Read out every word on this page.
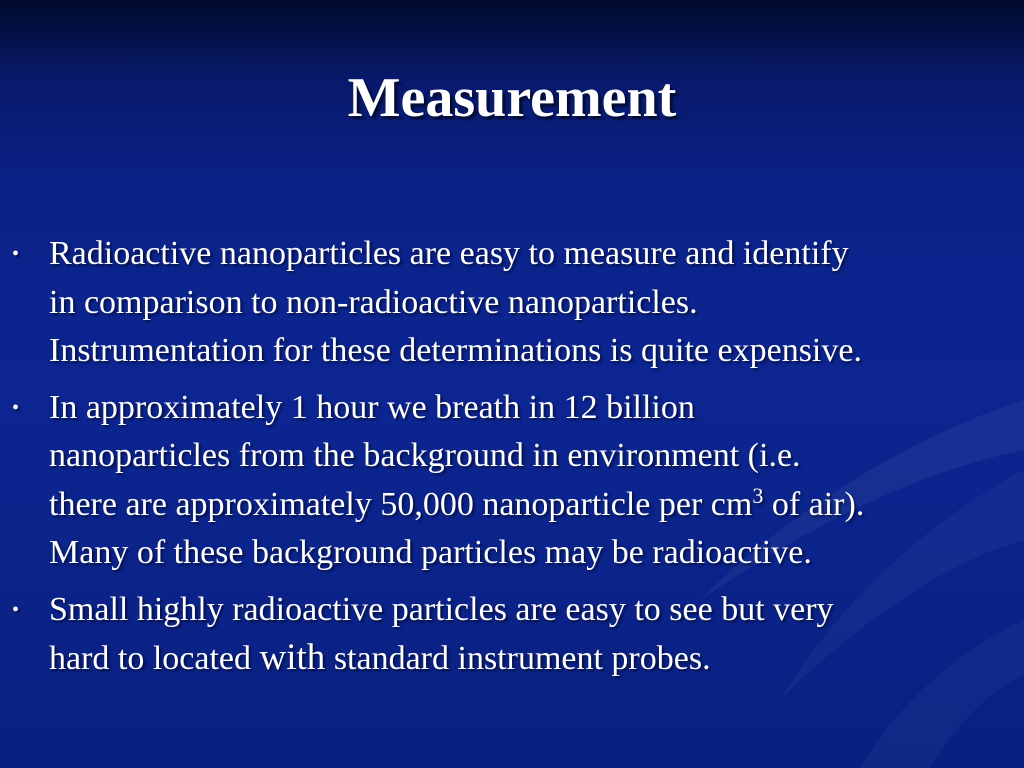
Measurement
• Radioactive nanoparticles are easy to measure and identify
in comparison to non-radioactive nanoparticles.
Instrumentation for these determinations is quite expensive.
• In approximately 1 hour we breath in 12 billion
nanoparticles from the background in environment (i.e.
there are approximately 50,000 nanoparticle per $cm^3$ of air).
Many of these background particles may be radioactive.
• Small highly radioactive particles are easy to see but very
hard to located with standard instrument probes.
